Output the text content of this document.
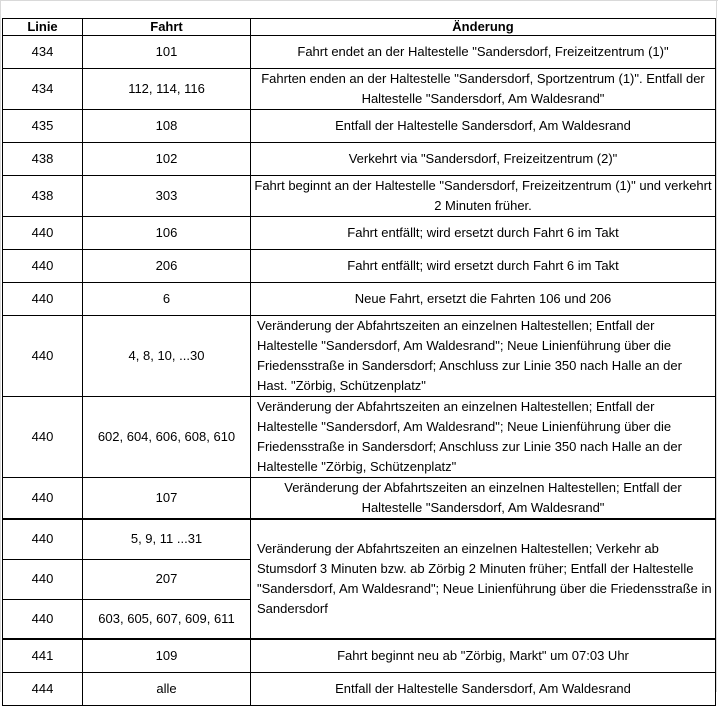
Linie	Fahrt	Änderung
434	101	Fahrt endet an der Haltestelle "Sandersdorf, Freizeitzentrum (1)"
434	112, 114, 116	Fahrten enden an der Haltestelle "Sandersdorf, Sportzentrum (1)". Entfall der Haltestelle "Sandersdorf, Am Waldesrand"
435	108	Entfall der Haltestelle Sandersdorf, Am Waldesrand
438	102	Verkehrt via "Sandersdorf, Freizeitzentrum (2)"
438	303	Fahrt beginnt an der Haltestelle "Sandersdorf, Freizeitzentrum (1)" und verkehrt 2 Minuten früher.
440	106	Fahrt entfällt; wird ersetzt durch Fahrt 6 im Takt
440	206	Fahrt entfällt; wird ersetzt durch Fahrt 6 im Takt
440	6	Neue Fahrt, ersetzt die Fahrten 106 und 206
440	4, 8, 10, ...30	Veränderung der Abfahrtszeiten an einzelnen Haltestellen; Entfall der Haltestelle "Sandersdorf, Am Waldesrand"; Neue Linienführung über die Friedensstraße in Sandersdorf; Anschluss zur Linie 350 nach Halle an der Hast. "Zörbig, Schützenplatz"
440	602, 604, 606, 608, 610	Veränderung der Abfahrtszeiten an einzelnen Haltestellen; Entfall der Haltestelle "Sandersdorf, Am Waldesrand"; Neue Linienführung über die Friedensstraße in Sandersdorf; Anschluss zur Linie 350 nach Halle an der Haltestelle "Zörbig, Schützenplatz"
440	107	Veränderung der Abfahrtszeiten an einzelnen Haltestellen; Entfall der Haltestelle "Sandersdorf, Am Waldesrand"
440	5, 9, 11 ...31	Veränderung der Abfahrtszeiten an einzelnen Haltestellen; Verkehr ab Stumsdorf 3 Minuten bzw. ab Zörbig 2 Minuten früher; Entfall der Haltestelle "Sandersdorf, Am Waldesrand"; Neue Linienführung über die Friedensstraße in Sandersdorf
440	207	
440	603, 605, 607, 609, 611	
441	109	Fahrt beginnt neu ab "Zörbig, Markt" um 07:03 Uhr
444	alle	Entfall der Haltestelle Sandersdorf, Am Waldesrand
